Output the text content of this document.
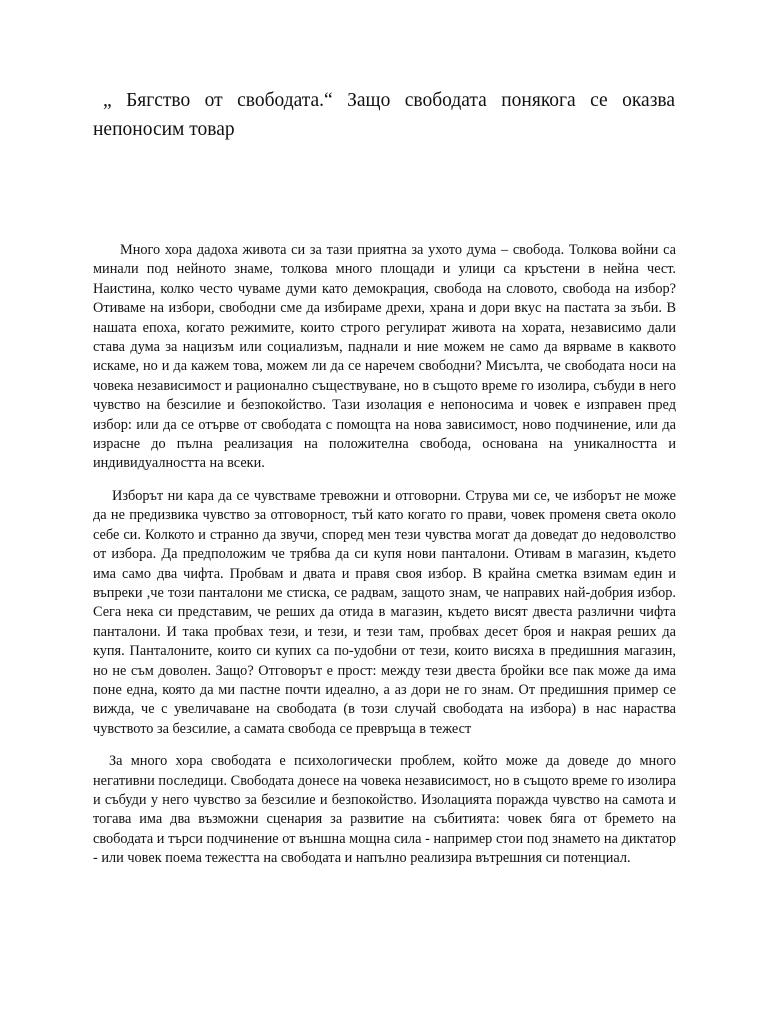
„ Бягство от свободата.“ Защо свободата понякога се оказва непоносим товар

Много хора дадоха живота си за тази приятна за ухото дума – свобода. Толкова войни са минали под нейното знаме, толкова много площади и улици са кръстени в нейна чест. Наистина, колко често чуваме думи като демокрация, свобода на словото, свобода на избор? Отиваме на избори, свободни сме да избираме дрехи, храна и дори вкус на пастата за зъби. В нашата епоха, когато режимите, които строго регулират живота на хората, независимо дали става дума за нацизъм или социализъм, паднали и ние можем не само да вярваме в каквото искаме, но и да кажем това, можем ли да се наречем свободни? Мисълта, че свободата носи на човека независимост и рационално съществуване, но в същото време го изолира, събуди в него чувство на безсилие и безпокойство. Тази изолация е непоносима и човек е изправен пред избор: или да се отърве от свободата с помощта на нова зависимост, ново подчинение, или да израсне до пълна реализация на положителна свобода, основана на уникалността и индивидуалността на всеки.

Изборът ни кара да се чувстваме тревожни и отговорни. Струва ми се, че изборът не може да не предизвика чувство за отговорност, тъй като когато го прави, човек променя света около себе си. Колкото и странно да звучи, според мен тези чувства могат да доведат до недоволство от избора. Да предположим че трябва да си купя нови панталони. Отивам в магазин, където има само два чифта. Пробвам и двата и правя своя избор. В крайна сметка взимам един и въпреки ,че този панталони ме стиска, се радвам, защото знам, че направих най-добрия избор. Сега нека си представим, че реших да отида в магазин, където висят двеста различни чифта панталони. И така пробвах тези, и тези, и тези там, пробвах десет броя и накрая реших да купя. Панталоните, които си купих са по-удобни от тези, които висяха в предишния магазин, но не съм доволен. Защо? Отговорът е прост: между тези двеста бройки все пак може да има поне една, която да ми пастне почти идеално, а аз дори не го знам. От предишния пример се вижда, че с увеличаване на свободата (в този случай свободата на избора) в нас нараства чувството за безсилие, а самата свобода се превръща в тежест

За много хора свободата е психологически проблем, който може да доведе до много негативни последици. Свободата донесе на човека независимост, но в същото време го изолира и събуди у него чувство за безсилие и безпокойство. Изолацията поражда чувство на самота и тогава има два възможни сценария за развитие на събитията: човек бяга от бремето на свободата и търси подчинение от външна мощна сила - например стои под знамето на диктатор - или човек поема тежестта на свободата и напълно реализира вътрешния си потенциал.
